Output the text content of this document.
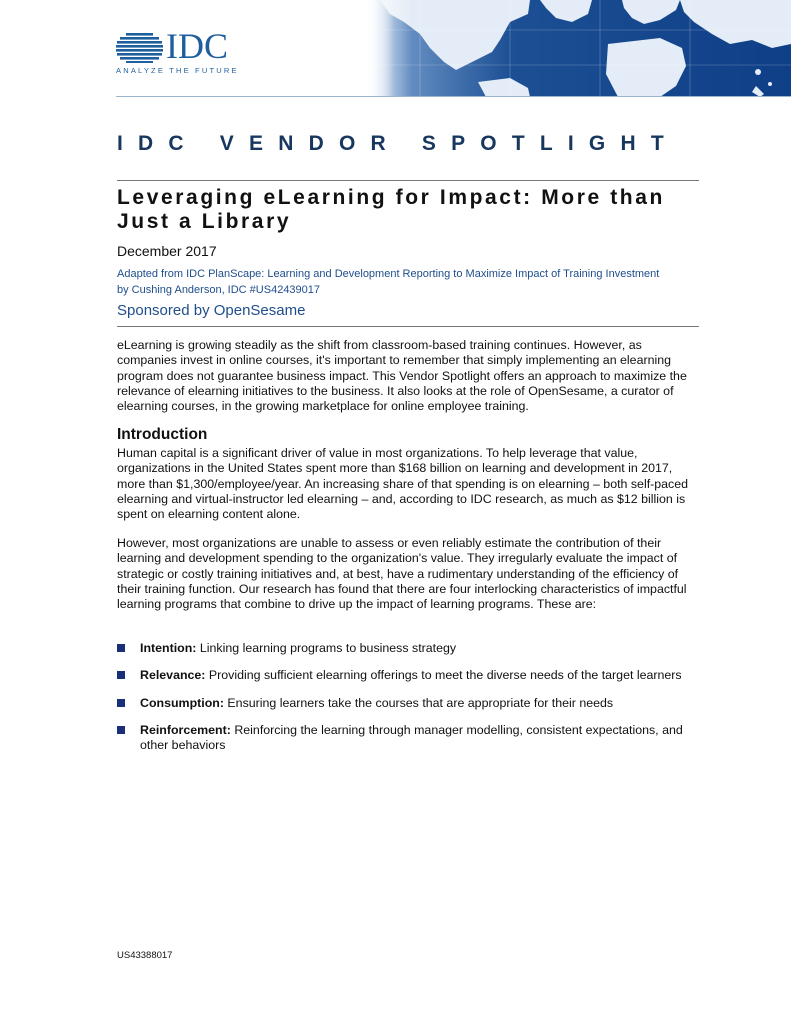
IDC
ANALYZE THE FUTURE
IDC VENDOR SPOTLIGHT
Leveraging eLearning for Impact: More than Just a Library
December 2017
Adapted from IDC PlanScape: Learning and Development Reporting to Maximize Impact of Training Investment
by Cushing Anderson, IDC #US42439017
Sponsored by OpenSesame

eLearning is growing steadily as the shift from classroom-based training continues. However, as companies invest in online courses, it's important to remember that simply implementing an elearning program does not guarantee business impact. This Vendor Spotlight offers an approach to maximize the relevance of elearning initiatives to the business. It also looks at the role of OpenSesame, a curator of elearning courses, in the growing marketplace for online employee training.

Introduction

Human capital is a significant driver of value in most organizations. To help leverage that value, organizations in the United States spent more than $168 billion on learning and development in 2017, more than $1,300/employee/year. An increasing share of that spending is on elearning – both self-paced elearning and virtual-instructor led elearning – and, according to IDC research, as much as $12 billion is spent on elearning content alone.

However, most organizations are unable to assess or even reliably estimate the contribution of their learning and development spending to the organization's value. They irregularly evaluate the impact of strategic or costly training initiatives and, at best, have a rudimentary understanding of the efficiency of their training function. Our research has found that there are four interlocking characteristics of impactful learning programs that combine to drive up the impact of learning programs. These are:

Intention: Linking learning programs to business strategy
Relevance: Providing sufficient elearning offerings to meet the diverse needs of the target learners
Consumption: Ensuring learners take the courses that are appropriate for their needs
Reinforcement: Reinforcing the learning through manager modelling, consistent expectations, and other behaviors
US43388017
